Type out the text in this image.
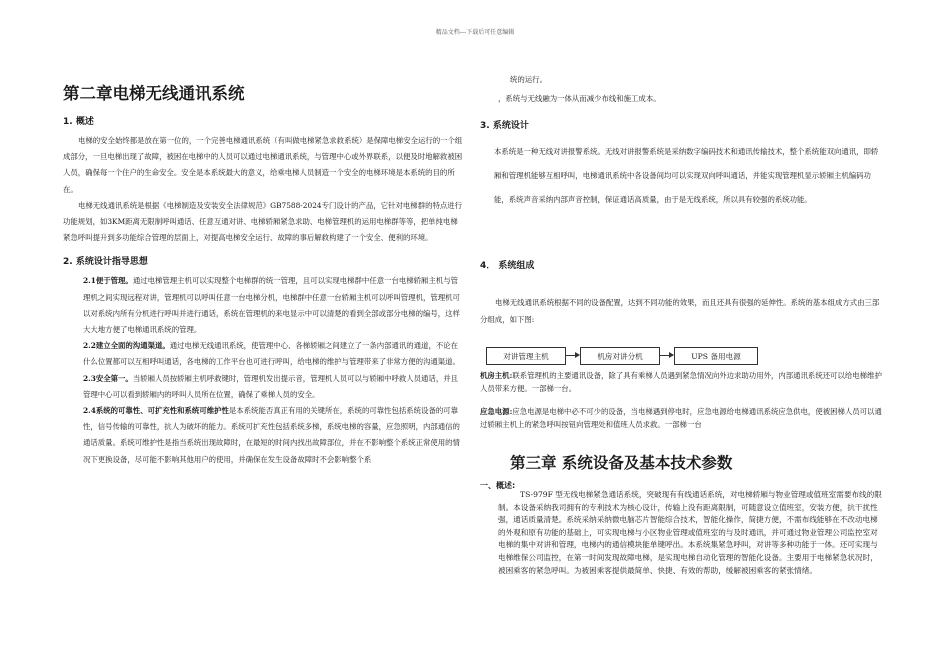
精品文档---下载后可任意编辑
第二章电梯无线通讯系统
1. 概述

电梯的安全始终都是放在第一位的，一个完善电梯通讯系统（有叫做电梯紧急求救系统）是保障电梯安全运行的一个组成部分，一旦电梯出现了故障，被困在电梯中的人员可以通过电梯通讯系统，与管理中心或外界联系，以便及时地解救被困人员，确保每一个住户的生命安全。安全是本系统最大的意义，给乘电梯人员制造一个安全的电梯环境是本系统的目的所在。

电梯无线通讯系统是根据《电梯制造及安装安全法律规范》GB7588-2024专门设计的产品，它针对电梯群的特点进行功能规划，如3KM距离无限制呼叫通话、任意互通对讲、电梯轿厢紧急求助、电梯管理机的运用电梯群等等，把单纯电梯紧急呼叫提升到多功能综合管理的层面上，对提高电梯安全运行、故障的事后解救构建了一个安全、便利的环境。

2. 系统设计指导思想

2.1便于管理。通过电梯管理主机可以实现整个电梯群的统一管理，且可以实现电梯群中任意一台电梯轿厢主机与管理机之间实现远程对讲，管理机可以呼叫任意一台电梯分机，电梯群中任意一台轿厢主机可以呼叫管理机，管理机可以对系统内所有分机进行呼叫并进行通话，系统在管理机的来电显示中可以清楚的看到全部或部分电梯的编号，这样大大地方便了电梯通讯系统的管理。

2.2建立全面的沟通渠道。通过电梯无线通讯系统，使管理中心、各梯轿厢之间建立了一条内部通讯的通道，不论在什么位置都可以互相呼叫通话，各电梯的工作平台也可进行呼叫，给电梯的维护与管理带来了非常方便的沟通渠道。

2.3安全第一。当轿厢人员按轿厢主机呼救键时，管理机发出提示音，管理机人员可以与轿厢中呼救人员通话，并且管理中心可以看到轿厢内的呼叫人员所在位置，确保了乘梯人员的安全。

2.4系统的可靠性、可扩充性和系统可维护性是本系统能否真正有用的关键所在，系统的可靠性包括系统设备的可靠性，信号传输的可靠性，抗人为破坏的能力。系统可扩充性包括系统多梯，系统电梯的容量，应急照明，内部通信的通话质量。系统可维护性是指当系统出现故障时，在最短的时间内找出故障部位，并在不影响整个系统正常使用的情况下更换设备，尽可能不影响其他用户的使用，并确保在发生设备故障时不会影响整个系

统的运行。

，系统与无线融为一体从而减少布线和施工成本。

3. 系统设计

本系统是一种无线对讲报警系统。无线对讲报警系统是采纳数字编码技术和通讯传输技术，整个系统能双向通讯，即轿厢和管理机能够互相呼叫，电梯通讯系统中各设备间均可以实现双向呼叫通话，并能实现管理机显示轿厢主机编码功能，系统声音采纳内部声音控制，保证通话高质量，由于是无线系统，所以具有较强的系统功能。

4． 系统组成

电梯无线通讯系统根据不同的设备配置，达到不同功能的效果，而且还具有很强的延伸性。系统的基本组成方式由三部分组成，如下图:

对讲管理主机	机房对讲分机	UPS 备用电源

机房主机:联系管理机的主要通讯设备，除了具有乘梯人员遇到紧急情况向外边求助功用外，内部通讯系统还可以给电梯维护人员带来方便。一部梯一台。

应急电源:应急电源是电梯中必不可少的设备，当电梯遇到停电时，应急电源给电梯通讯系统应急供电，使被困梯人员可以通过轿厢主机上的紧急呼叫按钮向管理处和值班人员求救。一部梯一台

第三章 系统设备及基本技术参数
一、概述:

TS-979F 型无线电梯紧急通话系统，突破现有有线通话系统，对电梯轿厢与物业管理或值班室需要布线的限制。本设备采纳我司拥有的专利技术为核心设计，传输上没有距离限制，可随意设立值班室，安装方便，抗干扰性强，通话质量清楚。系统采纳采纳微电脑芯片智能综合技术，智能化操作，简捷方便，不需布线能够在不改动电梯的外观和原有功能的基础上，可实现电梯与小区物业管理或值班室的与及时通讯，并可通过物业管理公司监控室对电梯的集中对讲和管理，电梯内的通信模块能单键呼出。本系统集紧急呼叫，对讲等多种功能于一体。还可实现与电梯维保公司监控，在第一时间发现故障电梯，是实现电梯自动化管理的智能化设备。主要用于电梯紧急状况时，被困乘客的紧急呼叫。为被困乘客提供最简单、快捷、有效的帮助，缓解被困乘客的紧张情绪。
